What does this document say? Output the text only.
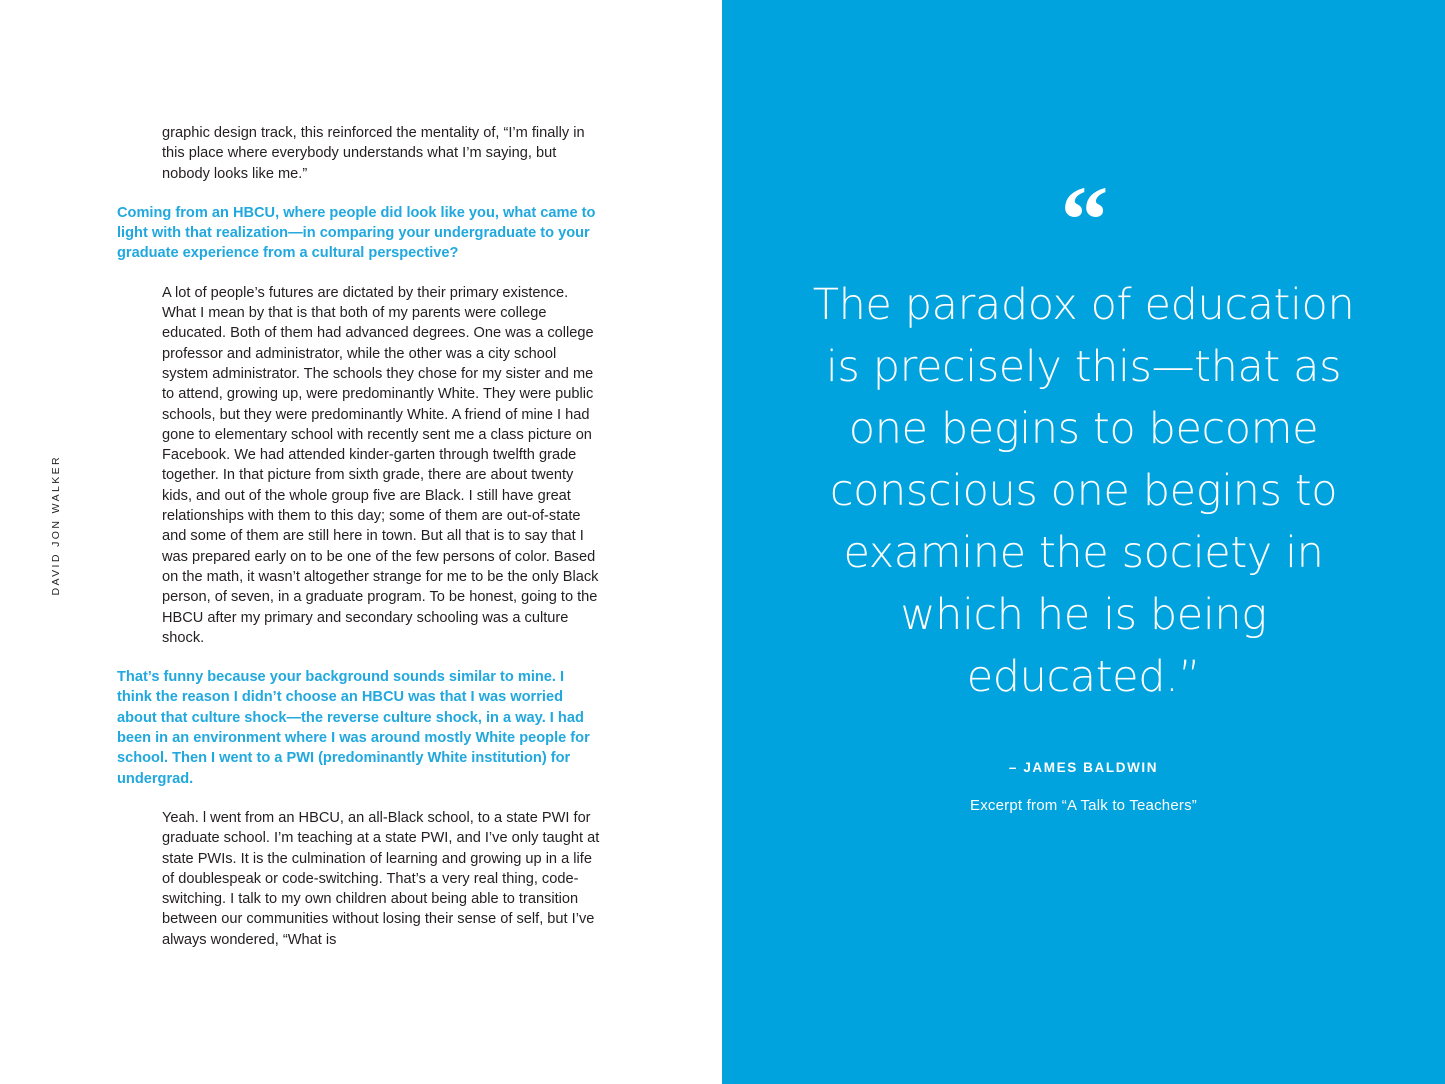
DAVID JON WALKER

graphic design track, this reinforced the mentality of, “I’m finally in this place where everybody understands what I’m saying, but nobody looks like me.”

Coming from an HBCU, where people did look like you, what came to light with that realization—in comparing your undergraduate to your graduate experience from a cultural perspective?

A lot of people’s futures are dictated by their primary existence. What I mean by that is that both of my parents were college educated. Both of them had advanced degrees. One was a college professor and administrator, while the other was a city school system administrator. The schools they chose for my sister and me to attend, growing up, were predominantly White. They were public schools, but they were predominantly White. A friend of mine I had gone to elementary school with recently sent me a class picture on Facebook. We had attended kinder-garten through twelfth grade together. In that picture from sixth grade, there are about twenty kids, and out of the whole group five are Black. I still have great relationships with them to this day; some of them are out-of-state and some of them are still here in town. But all that is to say that I was prepared early on to be one of the few persons of color. Based on the math, it wasn’t altogether strange for me to be the only Black person, of seven, in a graduate program. To be honest, going to the HBCU after my primary and secondary schooling was a culture shock.

That’s funny because your background sounds similar to mine. I think the reason I didn’t choose an HBCU was that I was worried about that culture shock—the reverse culture shock, in a way. I had been in an environment where I was around mostly White people for school. Then I went to a PWI (predominantly White institution) for undergrad.

Yeah. l went from an HBCU, an all-Black school, to a state PWI for graduate school. I’m teaching at a state PWI, and I’ve only taught at state PWIs. It is the culmination of learning and growing up in a life of doublespeak or code-switching. That’s a very real thing, code-switching. I talk to my own children about being able to transition between our communities without losing their sense of self, but I’ve always wondered, “What is

“
The paradox of education is precisely this—that as one begins to become conscious one begins to examine the society in which he is being educated.”
– JAMES BALDWIN
Excerpt from “A Talk to Teachers”
